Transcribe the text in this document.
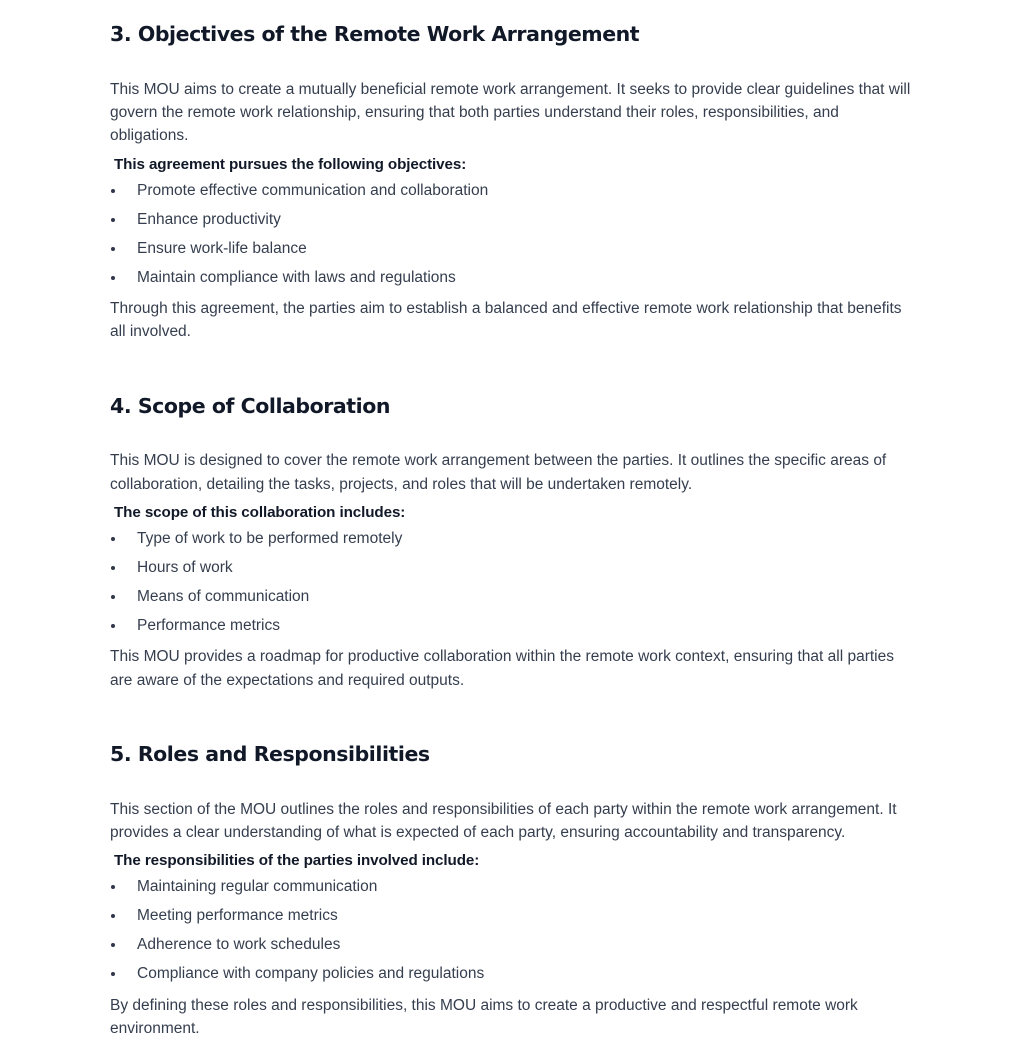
3. Objectives of the Remote Work Arrangement

This MOU aims to create a mutually beneficial remote work arrangement. It seeks to provide clear guidelines that will govern the remote work relationship, ensuring that both parties understand their roles, responsibilities, and obligations.

This agreement pursues the following objectives:

Promote effective communication and collaboration
Enhance productivity
Ensure work-life balance
Maintain compliance with laws and regulations

Through this agreement, the parties aim to establish a balanced and effective remote work relationship that benefits all involved.

4. Scope of Collaboration

This MOU is designed to cover the remote work arrangement between the parties. It outlines the specific areas of collaboration, detailing the tasks, projects, and roles that will be undertaken remotely.

The scope of this collaboration includes:

Type of work to be performed remotely
Hours of work
Means of communication
Performance metrics

This MOU provides a roadmap for productive collaboration within the remote work context, ensuring that all parties are aware of the expectations and required outputs.

5. Roles and Responsibilities

This section of the MOU outlines the roles and responsibilities of each party within the remote work arrangement. It provides a clear understanding of what is expected of each party, ensuring accountability and transparency.

The responsibilities of the parties involved include:

Maintaining regular communication
Meeting performance metrics
Adherence to work schedules
Compliance with company policies and regulations

By defining these roles and responsibilities, this MOU aims to create a productive and respectful remote work environment.
